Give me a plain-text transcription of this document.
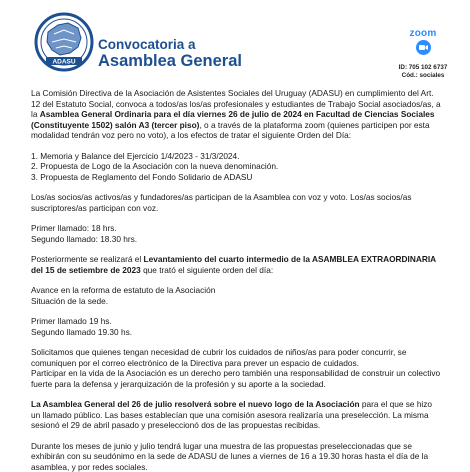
ADASU
Convocatoria a
Asamblea General
zoom
ID: 705 102 6737
Cód.: sociales

La Comisión Directiva de la Asociación de Asistentes Sociales del Uruguay (ADASU) en cumplimiento del Art. 12 del Estatuto Social, convoca a todos/as los/as profesionales y estudiantes de Trabajo Social asociados/as, a la Asamblea General Ordinaria para el día viernes 26 de julio de 2024 en Facultad de Ciencias Sociales (Constituyente 1502) salón A3 (tercer piso), o a través de la plataforma zoom (quienes participen por esta modalidad tendrán voz pero no voto), a los efectos de tratar el siguiente Orden del Día:

1. Memoria y Balance del Ejercicio 1/4/2023 - 31/3/2024.

2. Propuesta de Logo de la Asociación con la nueva denominación.

3. Propuesta de Reglamento del Fondo Solidario de ADASU

Los/as socios/as activos/as y fundadores/as participan de la Asamblea con voz y voto. Los/as socios/as suscriptores/as participan con voz.

Primer llamado: 18 hrs.

Segundo llamado: 18.30 hrs.

Posteriormente se realizará el Levantamiento del cuarto intermedio de la ASAMBLEA EXTRAORDINARIA del 15 de setiembre de 2023 que trató el siguiente orden del día:

Avance en la reforma de estatuto de la Asociación

Situación de la sede.

Primer llamado 19 hs.

Segundo llamado 19.30 hs.

Solicitamos que quienes tengan necesidad de cubrir los cuidados de niños/as para poder concurrir, se comuniquen por el correo electrónico de la Directiva para prever un espacio de cuidados.

Participar en la vida de la Asociación es un derecho pero también una responsabilidad de construir un colectivo fuerte para la defensa y jerarquización de la profesión y su aporte a la sociedad.

La Asamblea General del 26 de julio resolverá sobre el nuevo logo de la Asociación para el que se hizo un llamado público. Las bases establecían que una comisión asesora realizaría una preselección. La misma sesionó el 29 de abril pasado y preseleccionó dos de las propuestas recibidas.

Durante los meses de junio y julio tendrá lugar una muestra de las propuestas preseleccionadas que se exhibirán con su seudónimo en la sede de ADASU de lunes a viernes de 16 a 19.30 horas hasta el día de la asamblea, y por redes sociales.
